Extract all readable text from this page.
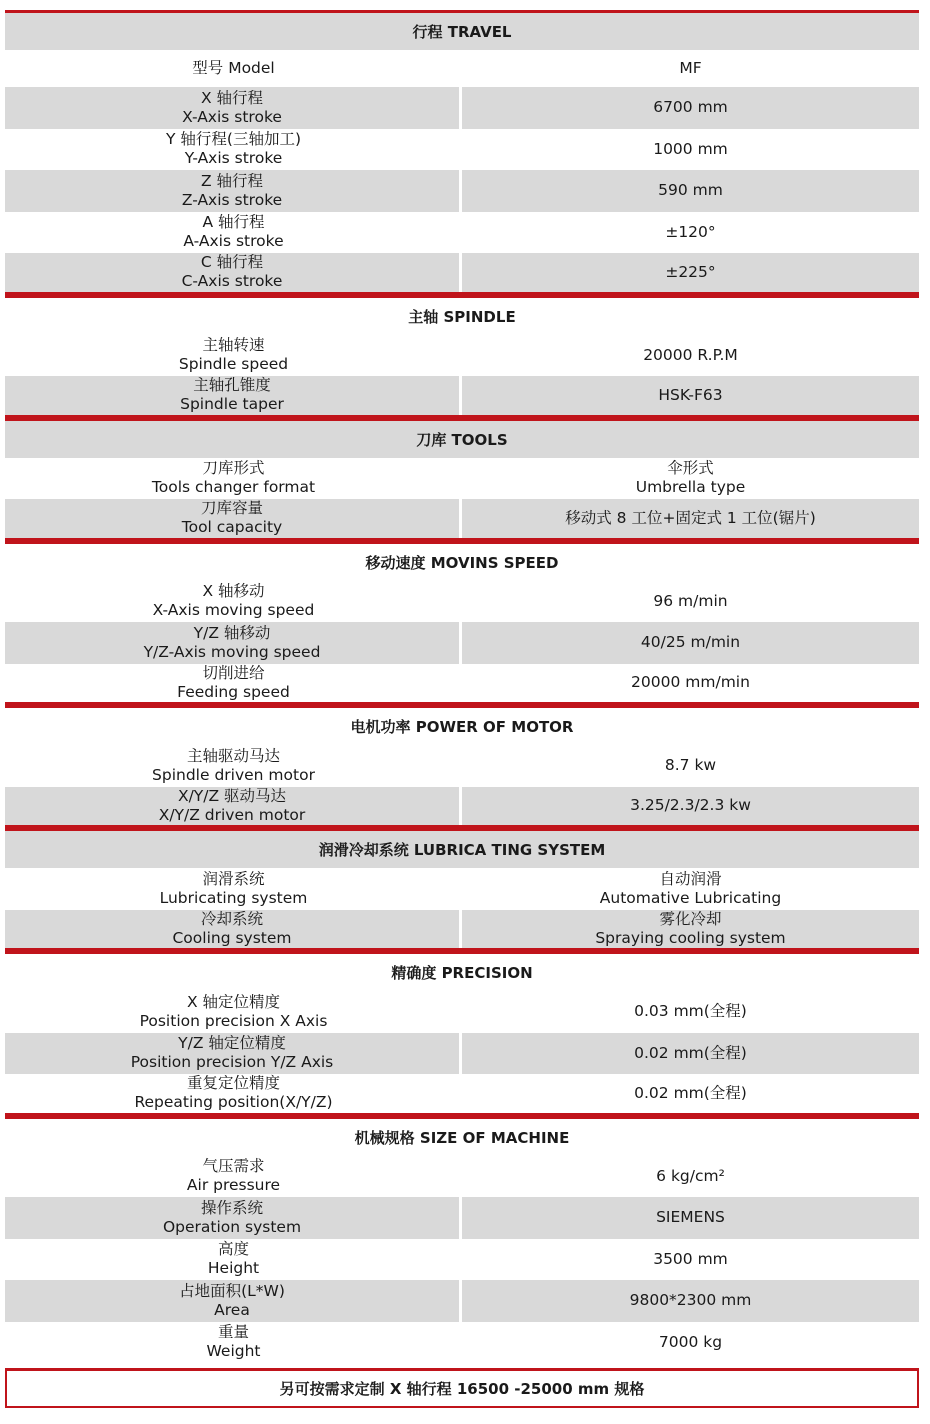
行程 TRAVEL
型号 Model	MF
X 轴行程
X-Axis stroke
6700 mm
Y 轴行程(三轴加工)
Y-Axis stroke
1000 mm
Z 轴行程
Z-Axis stroke
590 mm
A 轴行程
A-Axis stroke
±120°
C 轴行程
C-Axis stroke
±225°
主轴 SPINDLE
主轴转速
Spindle speed
20000 R.P.M
主轴孔锥度
Spindle taper
HSK-F63
刀库 TOOLS
刀库形式
Tools changer format
伞形式
Umbrella type
刀库容量
Tool capacity
移动式 8 工位+固定式 1 工位(锯片)
移动速度 MOVINS SPEED
X 轴移动
X-Axis moving speed
96 m/min
Y/Z 轴移动
Y/Z-Axis moving speed
40/25 m/min
切削进给
Feeding speed
20000 mm/min
电机功率 POWER OF MOTOR
主轴驱动马达
Spindle driven motor
8.7 kw
X/Y/Z 驱动马达
X/Y/Z driven motor
3.25/2.3/2.3 kw
润滑冷却系统 LUBRICA TING SYSTEM
润滑系统
Lubricating system
自动润滑
Automative Lubricating
冷却系统
Cooling system
雾化冷却
Spraying cooling system
精确度 PRECISION
X 轴定位精度
Position precision X Axis
0.03 mm(全程)
Y/Z 轴定位精度
Position precision Y/Z Axis
0.02 mm(全程)
重复定位精度
Repeating position(X/Y/Z)
0.02 mm(全程)
机械规格 SIZE OF MACHINE
气压需求
Air pressure
6 kg/cm²
操作系统
Operation system
SIEMENS
高度
Height
3500 mm
占地面积(L*W)
Area
9800*2300 mm
重量
Weight
7000 kg
另可按需求定制 X 轴行程 16500 -25000 mm 规格
